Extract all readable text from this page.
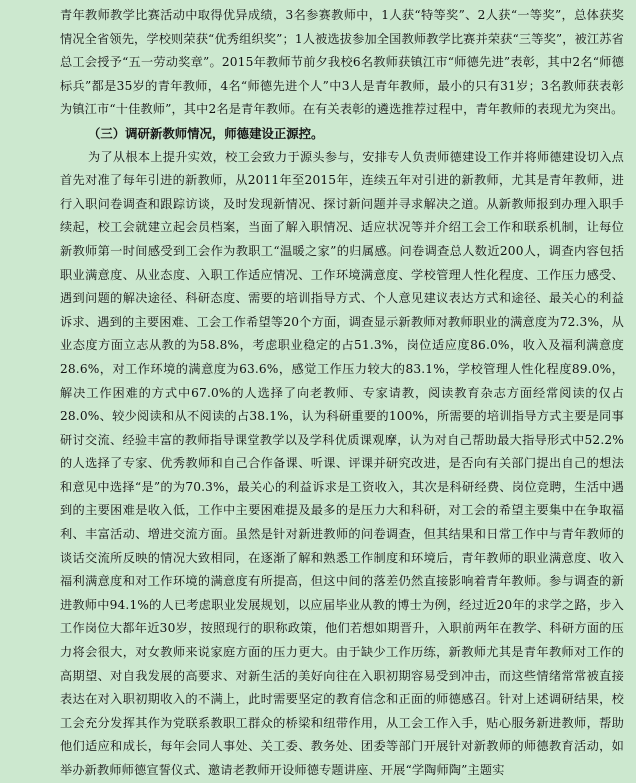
青年教师教学比赛活动中取得优异成绩，3名参赛教师中，1人获“特等奖”、2人获“一等奖”，总体获奖情况全省领先，学校则荣获“优秀组织奖”；1人被选拔参加全国教师教学比赛并荣获“三等奖”，被江苏省总工会授予“五一劳动奖章”。2015年教师节前夕我校6名教师获镇江市“师德先进”表彰，其中2名“师德标兵”都是35岁的青年教师，4名“师德先进个人”中3人是青年教师，最小的只有31岁；3名教师获表彰为镇江市“十佳教师”，其中2名是青年教师。在有关表彰的遴选推荐过程中，青年教师的表现尤为突出。

（三）调研新教师情况，师德建设正源控。

为了从根本上提升实效，校工会致力于源头参与，安排专人负责师德建设工作并将师德建设切入点首先对准了每年引进的新教师，从2011年至2015年，连续五年对引进的新教师，尤其是青年教师，进行入职问卷调查和跟踪访谈，及时发现新情况、探讨新问题并寻求解决之道。从新教师报到办理入职手续起，校工会就建立起会员档案，当面了解入职情况、适应状况等并介绍工会工作和联系机制，让每位新教师第一时间感受到工会作为教职工“温暖之家”的归属感。问卷调查总人数近200人，调查内容包括职业满意度、从业态度、入职工作适应情况、工作环境满意度、学校管理人性化程度、工作压力感受、遇到问题的解决途径、科研态度、需要的培训指导方式、个人意见建议表达方式和途径、最关心的利益诉求、遇到的主要困难、工会工作希望等20个方面，调查显示新教师对教师职业的满意度为72.3%，从业态度方面立志从教的为58.8%，考虑职业稳定的占51.3%，岗位适应度86.0%，收入及福利满意度28.6%，对工作环境的满意度为63.6%，感觉工作压力较大的83.1%，学校管理人性化程度89.0%，解决工作困难的方式中67.0%的人选择了向老教师、专家请教，阅读教育杂志方面经常阅读的仅占28.0%、较少阅读和从不阅读的占38.1%，认为科研重要的100%，所需要的培训指导方式主要是同事研讨交流、经验丰富的教师指导课堂教学以及学科优质课观摩，认为对自己帮助最大指导形式中52.2%的人选择了专家、优秀教师和自己合作备课、听课、评课并研究改进，是否向有关部门提出自己的想法和意见中选择“是”的为70.3%，最关心的利益诉求是工资收入，其次是科研经费、岗位竞聘，生活中遇到的主要困难是收入低，工作中主要困难提及最多的是压力大和科研，对工会的希望主要集中在争取福利、丰富活动、增进交流方面。虽然是针对新进教师的问卷调查，但其结果和日常工作中与青年教师的谈话交流所反映的情况大致相同，在逐渐了解和熟悉工作制度和环境后，青年教师的职业满意度、收入福利满意度和对工作环境的满意度有所提高，但这中间的落差仍然直接影响着青年教师。参与调查的新进教师中94.1%的人已考虑职业发展规划，以应届毕业从教的博士为例，经过近20年的求学之路，步入工作岗位大都年近30岁，按照现行的职称政策，他们若想如期晋升，入职前两年在教学、科研方面的压力将会很大，对女教师来说家庭方面的压力更大。由于缺少工作历练，新教师尤其是青年教师对工作的高期望、对自我发展的高要求、对新生活的美好向往在入职初期容易受到冲击，而这些情绪常常被直接表达在对入职初期收入的不满上，此时需要坚定的教育信念和正面的师德感召。针对上述调研结果，校工会充分发挥其作为党联系教职工群众的桥梁和纽带作用，从工会工作入手，贴心服务新进教师，帮助他们适应和成长，每年会同人事处、关工委、教务处、团委等部门开展针对新教师的师德教育活动，如举办新教师师德宣誓仪式、邀请老教师开设师德专题讲座、开展“学陶师陶”主题实
